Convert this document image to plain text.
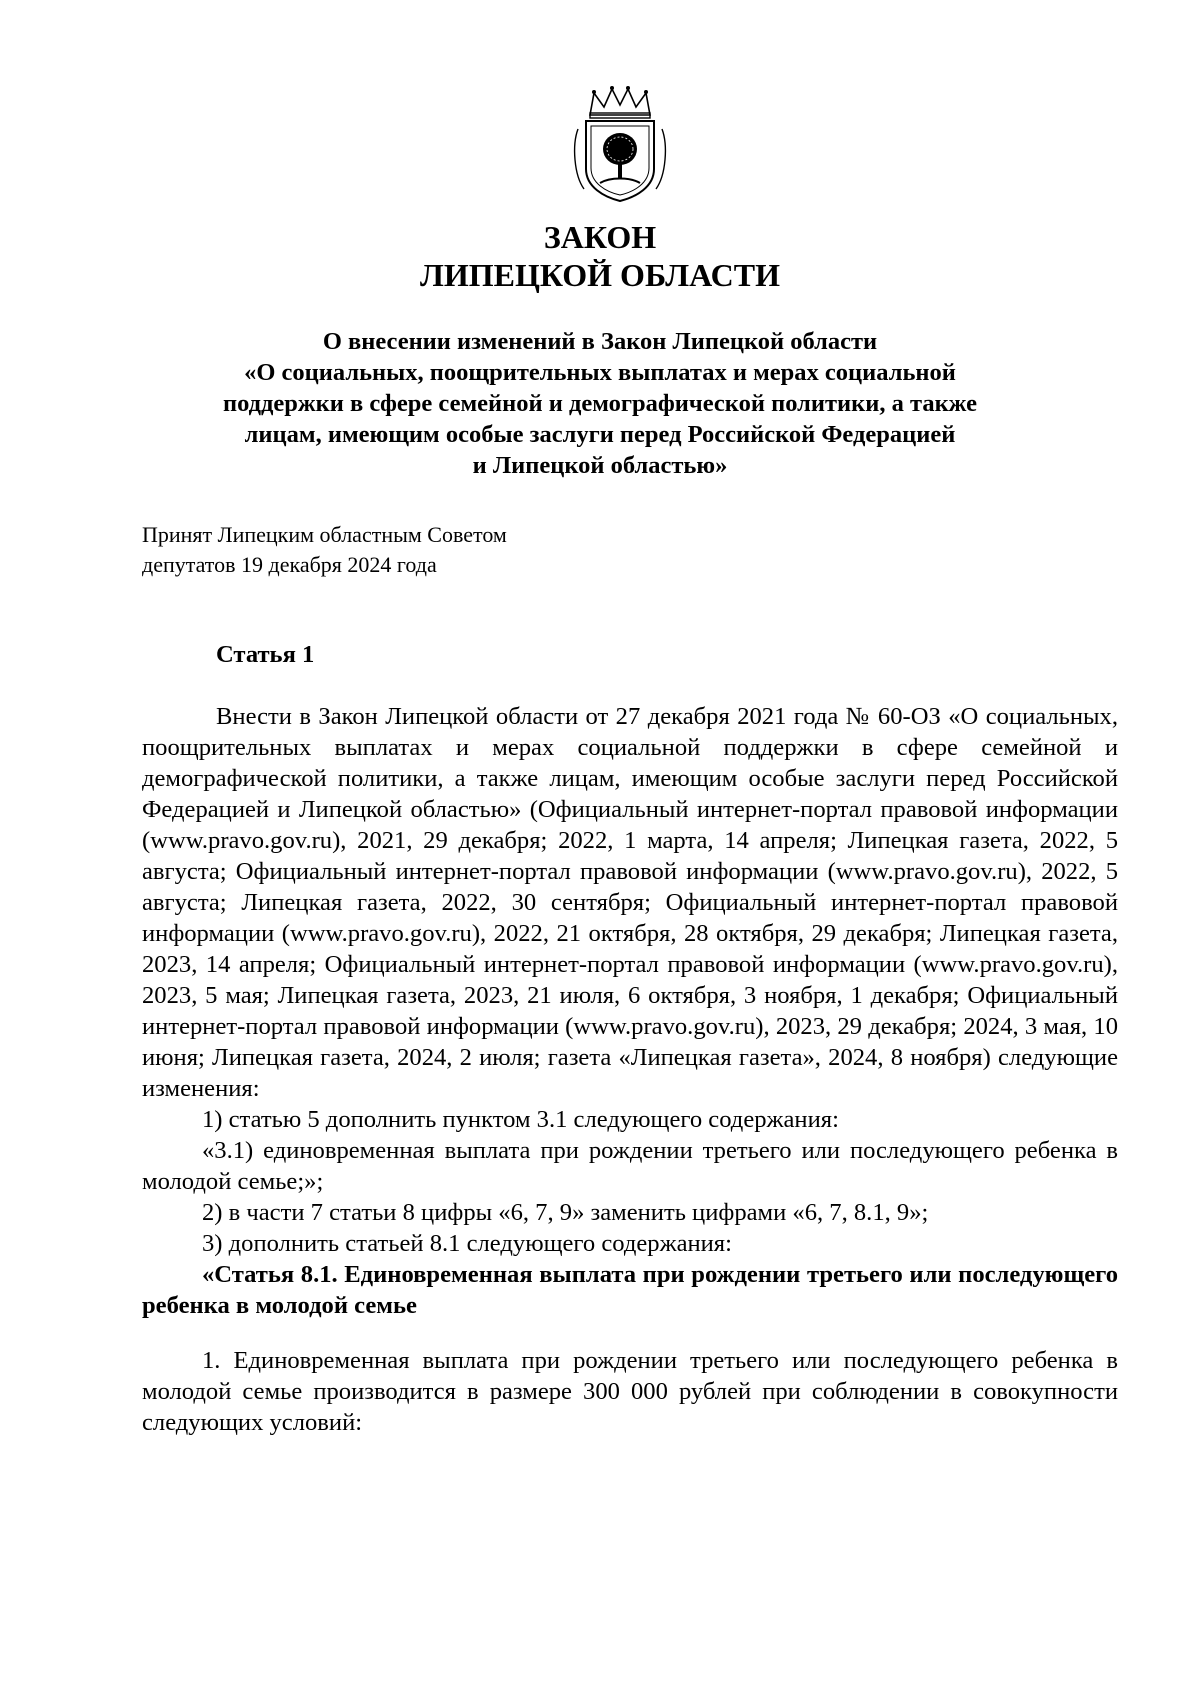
ЗАКОН
ЛИПЕЦКОЙ ОБЛАСТИ
О внесении изменений в Закон Липецкой области
«О социальных, поощрительных выплатах и мерах социальной
поддержки в сфере семейной и демографической политики, а также
лицам, имеющим особые заслуги перед Российской Федерацией
и Липецкой областью»
Принят Липецким областным Советом
депутатов 19 декабря 2024 года
Статья 1

Внести в Закон Липецкой области от 27 декабря 2021 года № 60-ОЗ «О социальных, поощрительных выплатах и мерах социальной поддержки в сфере семейной и демографической политики, а также лицам, имеющим особые заслуги перед Российской Федерацией и Липецкой областью» (Официальный интернет-портал правовой информации (www.pravo.gov.ru), 2021, 29 декабря; 2022, 1 марта, 14 апреля; Липецкая газета, 2022, 5 августа; Официальный интернет-портал правовой информации (www.pravo.gov.ru), 2022, 5 августа; Липецкая газета, 2022, 30 сентября; Официальный интернет-портал правовой информации (www.pravo.gov.ru), 2022, 21 октября, 28 октября, 29 декабря; Липецкая газета, 2023, 14 апреля; Официальный интернет-портал правовой информации (www.pravo.gov.ru), 2023, 5 мая; Липецкая газета, 2023, 21 июля, 6 октября, 3 ноября, 1 декабря; Официальный интернет-портал правовой информации (www.pravo.gov.ru), 2023, 29 декабря; 2024, 3 мая, 10 июня; Липецкая газета, 2024, 2 июля; газета «Липецкая газета», 2024, 8 ноября) следующие изменения:

1) статью 5 дополнить пунктом 3.1 следующего содержания:

«3.1) единовременная выплата при рождении третьего или последующего ребенка в молодой семье;»;

2) в части 7 статьи 8 цифры «6, 7, 9» заменить цифрами «6, 7, 8.1, 9»;

3) дополнить статьей 8.1 следующего содержания:

«Статья 8.1. Единовременная выплата при рождении третьего или последующего ребенка в молодой семье

1. Единовременная выплата при рождении третьего или последующего ребенка в молодой семье производится в размере 300 000 рублей при соблюдении в совокупности следующих условий:
